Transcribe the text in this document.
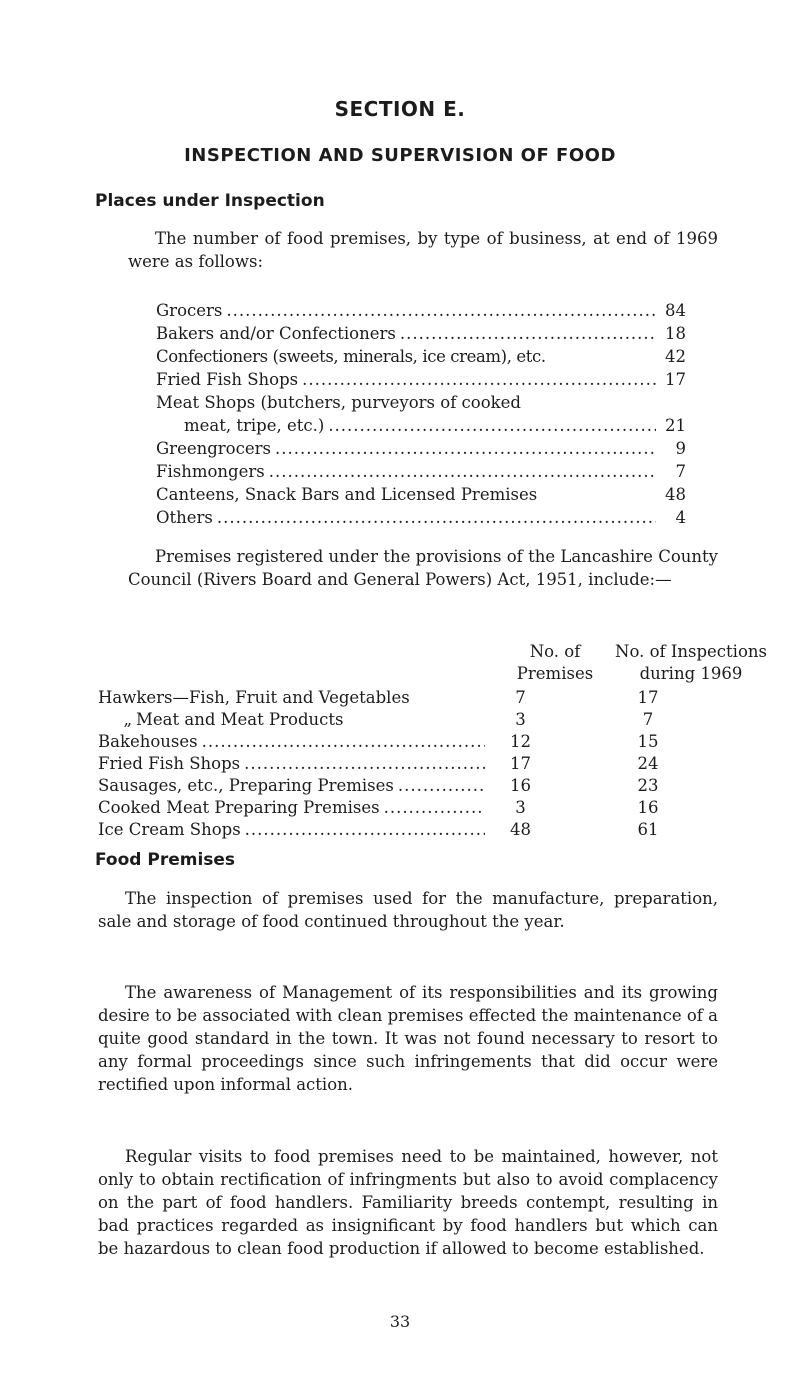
SECTION E.
INSPECTION AND SUPERVISION OF FOOD
Places under Inspection

The number of food premises, by type of business, at end of 1969 were as follows:

Grocers .....	84
Bakers and/or Confectioners .....	18
Confectioners (sweets, minerals, ice cream), etc.	42
Fried Fish Shops .....	17
Meat Shops (butchers, purveyors of cooked
meat, tripe, etc.) .....	21
Greengrocers .....	9
Fishmongers .....	7
Canteens, Snack Bars and Licensed Premises	48
Others .....	4

Premises registered under the provisions of the Lancashire County Council (Rivers Board and General Powers) Act, 1951, include:—

No. of
Premises
No. of Inspections
during 1969
Hawkers—Fish, Fruit and Vegetables	7	17
„ Meat and Meat Products	3	7
Bakehouses .....	12	15
Fried Fish Shops .....	17	24
Sausages, etc., Preparing Premises .....	16	23
Cooked Meat Preparing Premises .....	3	16
Ice Cream Shops .....	48	61
Food Premises

The inspection of premises used for the manufacture, preparation, sale and storage of food continued throughout the year.

The awareness of Management of its responsibilities and its growing desire to be associated with clean premises effected the maintenance of a quite good standard in the town. It was not found necessary to resort to any formal proceedings since such infringements that did occur were rectified upon informal action.

Regular visits to food premises need to be maintained, however, not only to obtain rectification of infringments but also to avoid complacency on the part of food handlers. Familiarity breeds contempt, resulting in bad practices regarded as insignificant by food handlers but which can be hazardous to clean food production if allowed to become established.

33
